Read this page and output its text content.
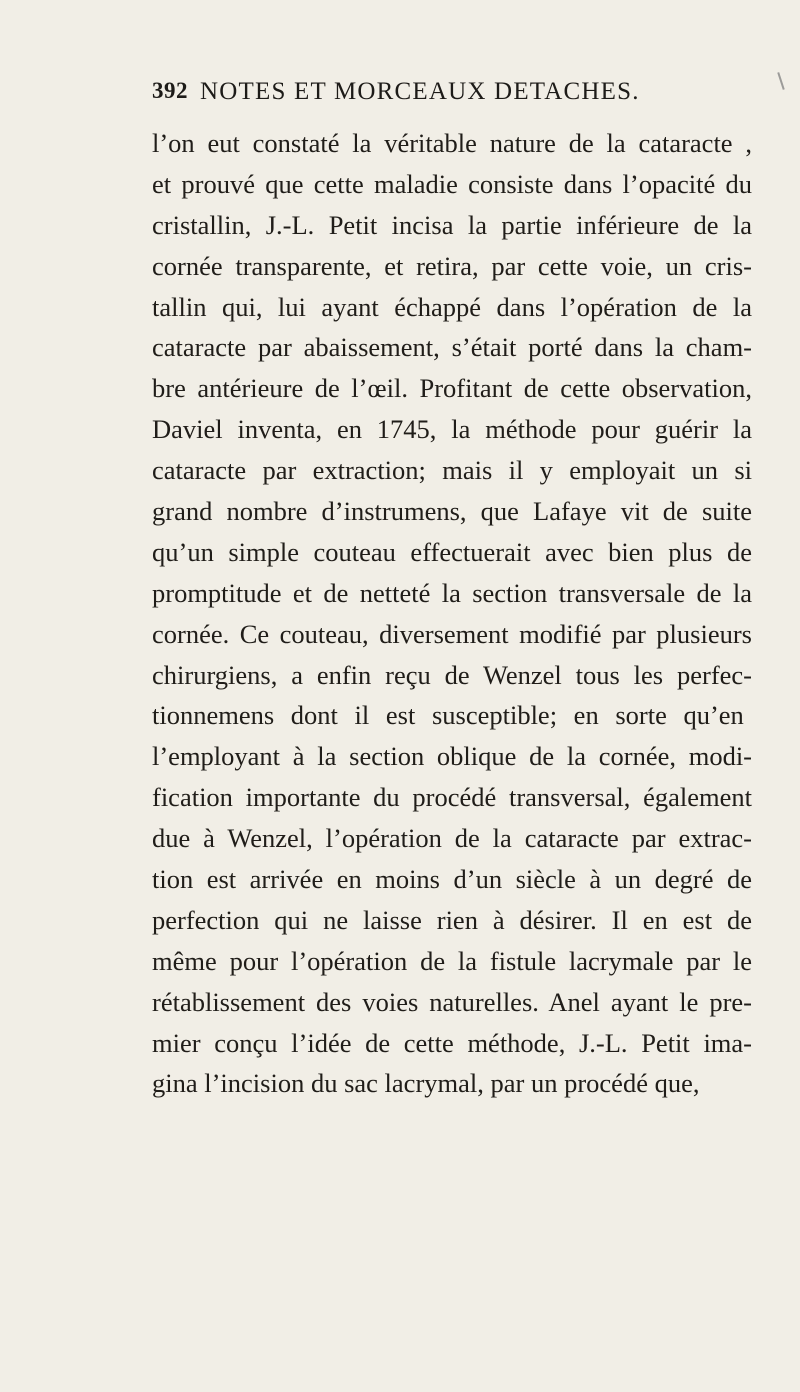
392 NOTES ET MORCEAUX DETACHES.
l’on eut constaté la véritable nature de la cataracte ,
et prouvé que cette maladie consiste dans l’opacité du
cristallin, J.-L. Petit incisa la partie inférieure de la
cornée transparente, et retira, par cette voie, un cris-
tallin qui, lui ayant échappé dans l’opération de la
cataracte par abaissement, s’était porté dans la cham-
bre antérieure de l’œil. Profitant de cette observation,
Daviel inventa, en 1745, la méthode pour guérir la
cataracte par extraction; mais il y employait un si
grand nombre d’instrumens, que Lafaye vit de suite
qu’un simple couteau effectuerait avec bien plus de
promptitude et de netteté la section transversale de la
cornée. Ce couteau, diversement modifié par plusieurs
chirurgiens, a enfin reçu de Wenzel tous les perfec-
tionnemens dont il est susceptible; en sorte qu’en
l’employant à la section oblique de la cornée, modi-
fication importante du procédé transversal, également
due à Wenzel, l’opération de la cataracte par extrac-
tion est arrivée en moins d’un siècle à un degré de
perfection qui ne laisse rien à désirer. Il en est de
même pour l’opération de la fistule lacrymale par le
rétablissement des voies naturelles. Anel ayant le pre-
mier conçu l’idée de cette méthode, J.-L. Petit ima-
gina l’incision du sac lacrymal, par un procédé que,
